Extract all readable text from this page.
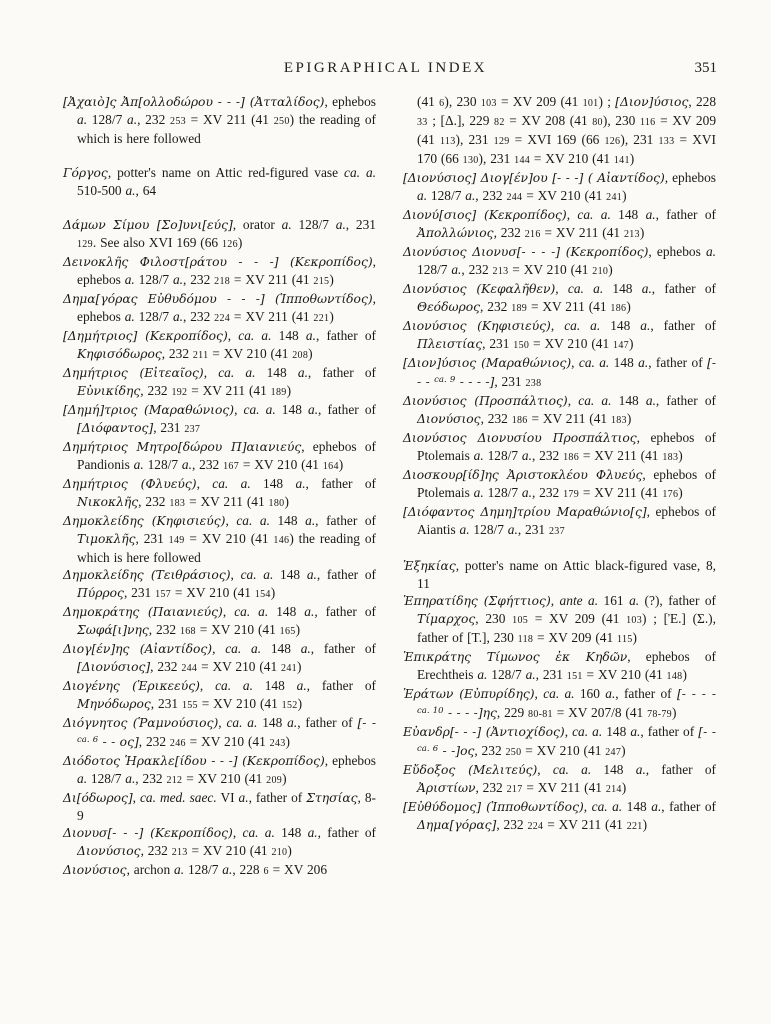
EPIGRAPHICAL INDEX	351

[Ἀχαιὸ]ς Ἀπ[ολλοδώρου - - -] (Ἀτταλίδος), ephebos a. 128/7 a., 232 253 = XV 211 (41 250) the reading of which is here followed

Γόργος, potter's name on Attic red-figured vase ca. a. 510-500 a., 64

Δάμων Σίμου [Σο]υνι[εύς], orator a. 128/7 a., 231 129. See also XVI 169 (66 126)

Δεινοκλῆς Φιλοστ[ράτου - - -] (Κεκροπίδος), ephebos a. 128/7 a., 232 218 = XV 211 (41 215)

Δημα[γόρας Εὐθυδόμου - - -] (Ἱπποθωντίδος), ephebos a. 128/7 a., 232 224 = XV 211 (41 221)

[Δημήτριος] (Κεκροπίδος), ca. a. 148 a., father of Κηφισόδωρος, 232 211 = XV 210 (41 208)

Δημήτριος (Εἰτεαῖος), ca. a. 148 a., father of Εὐνικίδης, 232 192 = XV 211 (41 189)

[Δημή]τριος (Μαραθώνιος), ca. a. 148 a., father of [Διόφαντος], 231 237

Δημήτριος Μητρο[δώρου Π]αιανιεύς, ephebos of Pandionis a. 128/7 a., 232 167 = XV 210 (41 164)

Δημήτριος (Φλυεύς), ca. a. 148 a., father of Νικοκλῆς, 232 183 = XV 211 (41 180)

Δημοκλείδης (Κηφισιεύς), ca. a. 148 a., father of Τιμοκλῆς, 231 149 = XV 210 (41 146) the reading of which is here followed

Δημοκλείδης (Τειθράσιος), ca. a. 148 a., father of Πύρρος, 231 157 = XV 210 (41 154)

Δημοκράτης (Παιανιεύς), ca. a. 148 a., father of Σωφά[ι]νης, 232 168 = XV 210 (41 165)

Διογ[έν]ης (Αἰαντίδος), ca. a. 148 a., father of [Διονύσιος], 232 244 = XV 210 (41 241)

Διογένης (Ἐρικεεύς), ca. a. 148 a., father of Μηνόδωρος, 231 155 = XV 210 (41 152)

Διόγνητος (Ῥαμνούσιος), ca. a. 148 a., father of [- - $^{ca. 6}$ - - ος], 232 246 = XV 210 (41 243)

Διόδοτος Ἡρακλε[ίδου - - -] (Κεκροπίδος), ephebos a. 128/7 a., 232 212 = XV 210 (41 209)

Δι[όδωρος], ca. med. saec. VI a., father of Στησίας, 8-9

Διονυσ[- - -] (Κεκροπίδος), ca. a. 148 a., father of Διονύσιος, 232 213 = XV 210 (41 210)

Διονύσιος, archon a. 128/7 a., 228 6 = XV 206

(41 6), 230 103 = XV 209 (41 101) ; [Διον]ύσιος, 228 33 ; [Δ.], 229 82 = XV 208 (41 80), 230 116 = XV 209 (41 113), 231 129 = XVI 169 (66 126), 231 133 = XVI 170 (66 130), 231 144 = XV 210 (41 141)

[Διονύσιος] Διογ[έν]ου [- - -] ( Αἰαντίδος), ephebos a. 128/7 a., 232 244 = XV 210 (41 241)

Διονύ[σιος] (Κεκροπίδος), ca. a. 148 a., father of Ἀπολλώνιος, 232 216 = XV 211 (41 213)

Διονύσιος Διονυσ[- - - -] (Κεκροπίδος), ephebos a. 128/7 a., 232 213 = XV 210 (41 210)

Διονύσιος (Κεφαλῆθεν), ca. a. 148 a., father of Θεόδωρος, 232 189 = XV 211 (41 186)

Διονύσιος (Κηφισιεύς), ca. a. 148 a., father of Πλειστίας, 231 150 = XV 210 (41 147)

[Διον]ύσιος (Μαραθώνιος), ca. a. 148 a., father of [- - - $^{ca. 9}$ - - - -], 231 238

Διονύσιος (Προσπάλτιος), ca. a. 148 a., father of Διονύσιος, 232 186 = XV 211 (41 183)

Διονύσιος Διονυσίου Προσπάλτιος, ephebos of Ptolemais a. 128/7 a., 232 186 = XV 211 (41 183)

Διοσκουρ[ίδ]ης Ἀριστοκλέου Φλυεύς, ephebos of Ptolemais a. 128/7 a., 232 179 = XV 211 (41 176)

[Διόφαντος Δημη]τρίου Μαραθώνιο[ς], ephebos of Aiantis a. 128/7 a., 231 237

Ἐξηκίας, potter's name on Attic black-figured vase, 8, 11

Ἐπηρατίδης (Σφήττιος), ante a. 161 a. (?), father of Τίμαρχος, 230 105 = XV 209 (41 103) ; [Ἐ.] (Σ.), father of [Τ.], 230 118 = XV 209 (41 115)

Ἐπικράτης Τίμωνος ἐκ Κηδῶν, ephebos of Erechtheis a. 128/7 a., 231 151 = XV 210 (41 148)

Ἐράτων (Εὐπυρίδης), ca. a. 160 a., father of [- - - - $^{ca. 10}$ - - - -]ης, 229 80-81 = XV 207/8 (41 78-79)

Εὐανδρ[- - -] (Ἀντιοχίδος), ca. a. 148 a., father of [- - $^{ca. 6}$ - -]ος, 232 250 = XV 210 (41 247)

Εὔδοξος (Μελιτεύς), ca. a. 148 a., father of Ἀριστίων, 232 217 = XV 211 (41 214)

[Εὐθύδομος] (Ἱπποθωντίδος), ca. a. 148 a., father of Δημα[γόρας], 232 224 = XV 211 (41 221)
